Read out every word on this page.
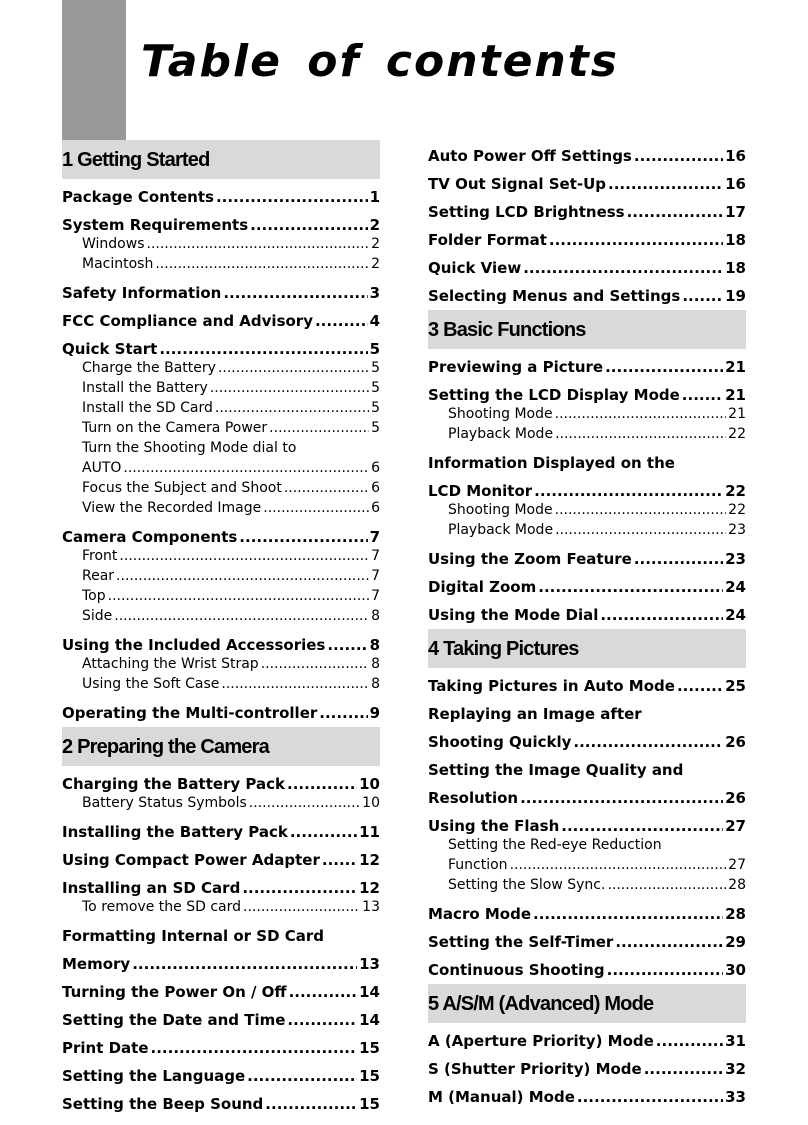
Table of contents
1 Getting Started
Package Contents .....	1
System Requirements .....	2
Windows .....	2
Macintosh .....	2
Safety Information .....	3
FCC Compliance and Advisory .....	4
Quick Start .....	5
Charge the Battery .....	5
Install the Battery .....	5
Install the SD Card .....	5
Turn on the Camera Power .....	5
Turn the Shooting Mode dial to
AUTO .....	6
Focus the Subject and Shoot .....	6
View the Recorded Image .....	6
Camera Components .....	7
Front .....	7
Rear .....	7
Top .....	7
Side .....	8
Using the Included Accessories .....	8
Attaching the Wrist Strap .....	8
Using the Soft Case .....	8
Operating the Multi-controller .....	9
2 Preparing the Camera
Charging the Battery Pack .....	10
Battery Status Symbols .....	10
Installing the Battery Pack .....	11
Using Compact Power Adapter .....	12
Installing an SD Card .....	12
To remove the SD card .....	13
Formatting Internal or SD Card
Memory .....	13
Turning the Power On / Off .....	14
Setting the Date and Time .....	14
Print Date .....	15
Setting the Language .....	15
Setting the Beep Sound .....	15
Auto Power Off Settings .....	16
TV Out Signal Set-Up .....	16
Setting LCD Brightness .....	17
Folder Format .....	18
Quick View .....	18
Selecting Menus and Settings .....	19
3 Basic Functions
Previewing a Picture .....	21
Setting the LCD Display Mode .....	21
Shooting Mode .....	21
Playback Mode .....	22
Information Displayed on the
LCD Monitor .....	22
Shooting Mode .....	22
Playback Mode .....	23
Using the Zoom Feature .....	23
Digital Zoom .....	24
Using the Mode Dial .....	24
4 Taking Pictures
Taking Pictures in Auto Mode .....	25
Replaying an Image after
Shooting Quickly .....	26
Setting the Image Quality and
Resolution .....	26
Using the Flash .....	27
Setting the Red-eye Reduction
Function .....	27
Setting the Slow Sync. .....	28
Macro Mode .....	28
Setting the Self-Timer .....	29
Continuous Shooting .....	30
5 A/S/M (Advanced) Mode
A (Aperture Priority) Mode .....	31
S (Shutter Priority) Mode .....	32
M (Manual) Mode .....	33
